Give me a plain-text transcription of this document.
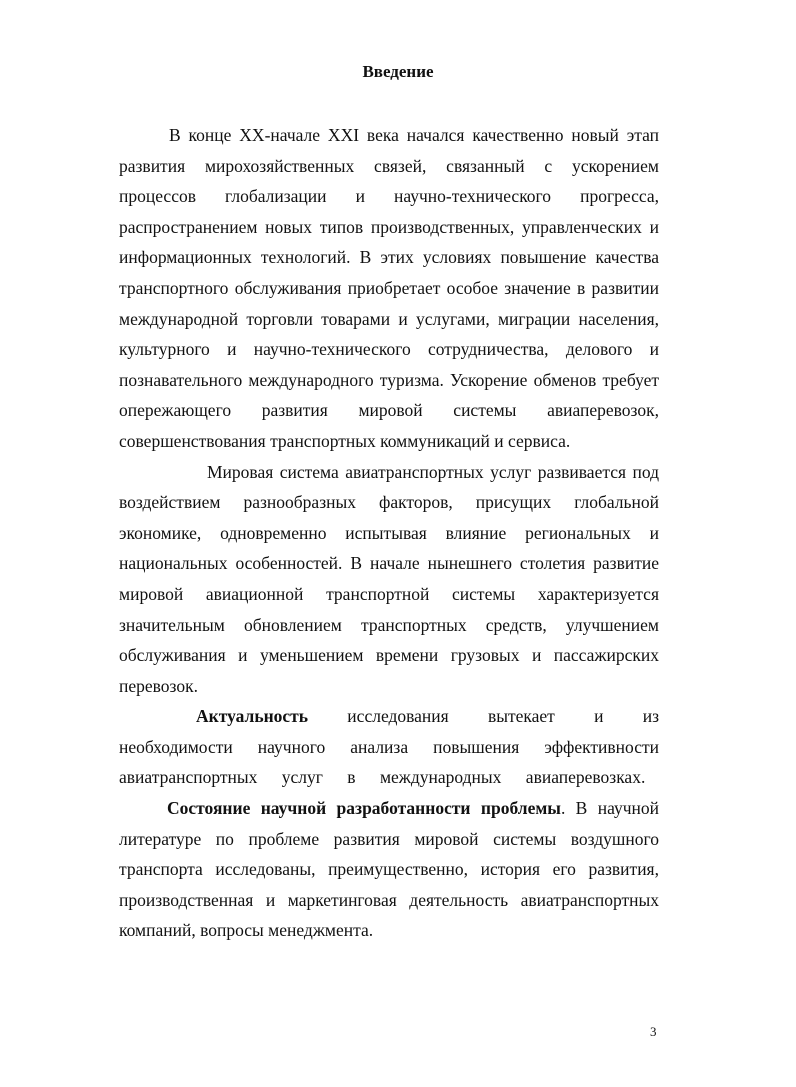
Введение

В конце XX-начале XXI века начался качественно новый этап развития мирохозяйственных связей, связанный с ускорением процессов глобализации и научно-технического прогресса, распространением новых типов производственных, управленческих и информационных технологий. В этих условиях повышение качества транспортного обслуживания приобретает особое значение в развитии международной торговли товарами и услугами, миграции населения, культурного и научно-технического сотрудничества, делового и познавательного международного туризма. Ускорение обменов требует опережающего развития мировой системы авиаперевозок, совершенствования транспортных коммуникаций и сервиса.

Мировая система авиатранспортных услуг развивается под воздействием разнообразных факторов, присущих глобальной экономике, одновременно испытывая влияние региональных и национальных особенностей. В начале нынешнего столетия развитие мировой авиационной транспортной системы характеризуется значительным обновлением транспортных средств, улучшением обслуживания и уменьшением времени грузовых и пассажирских перевозок.

Актуальность исследования вытекает и из необходимости научного анализа повышения эффективности авиатранспортных услуг в международных авиаперевозках.

Состояние научной разработанности проблемы. В научной литературе по проблеме развития мировой системы воздушного транспорта исследованы, преимущественно, история его развития, производственная и маркетинговая деятельность авиатранспортных компаний, вопросы менеджмента.

3
